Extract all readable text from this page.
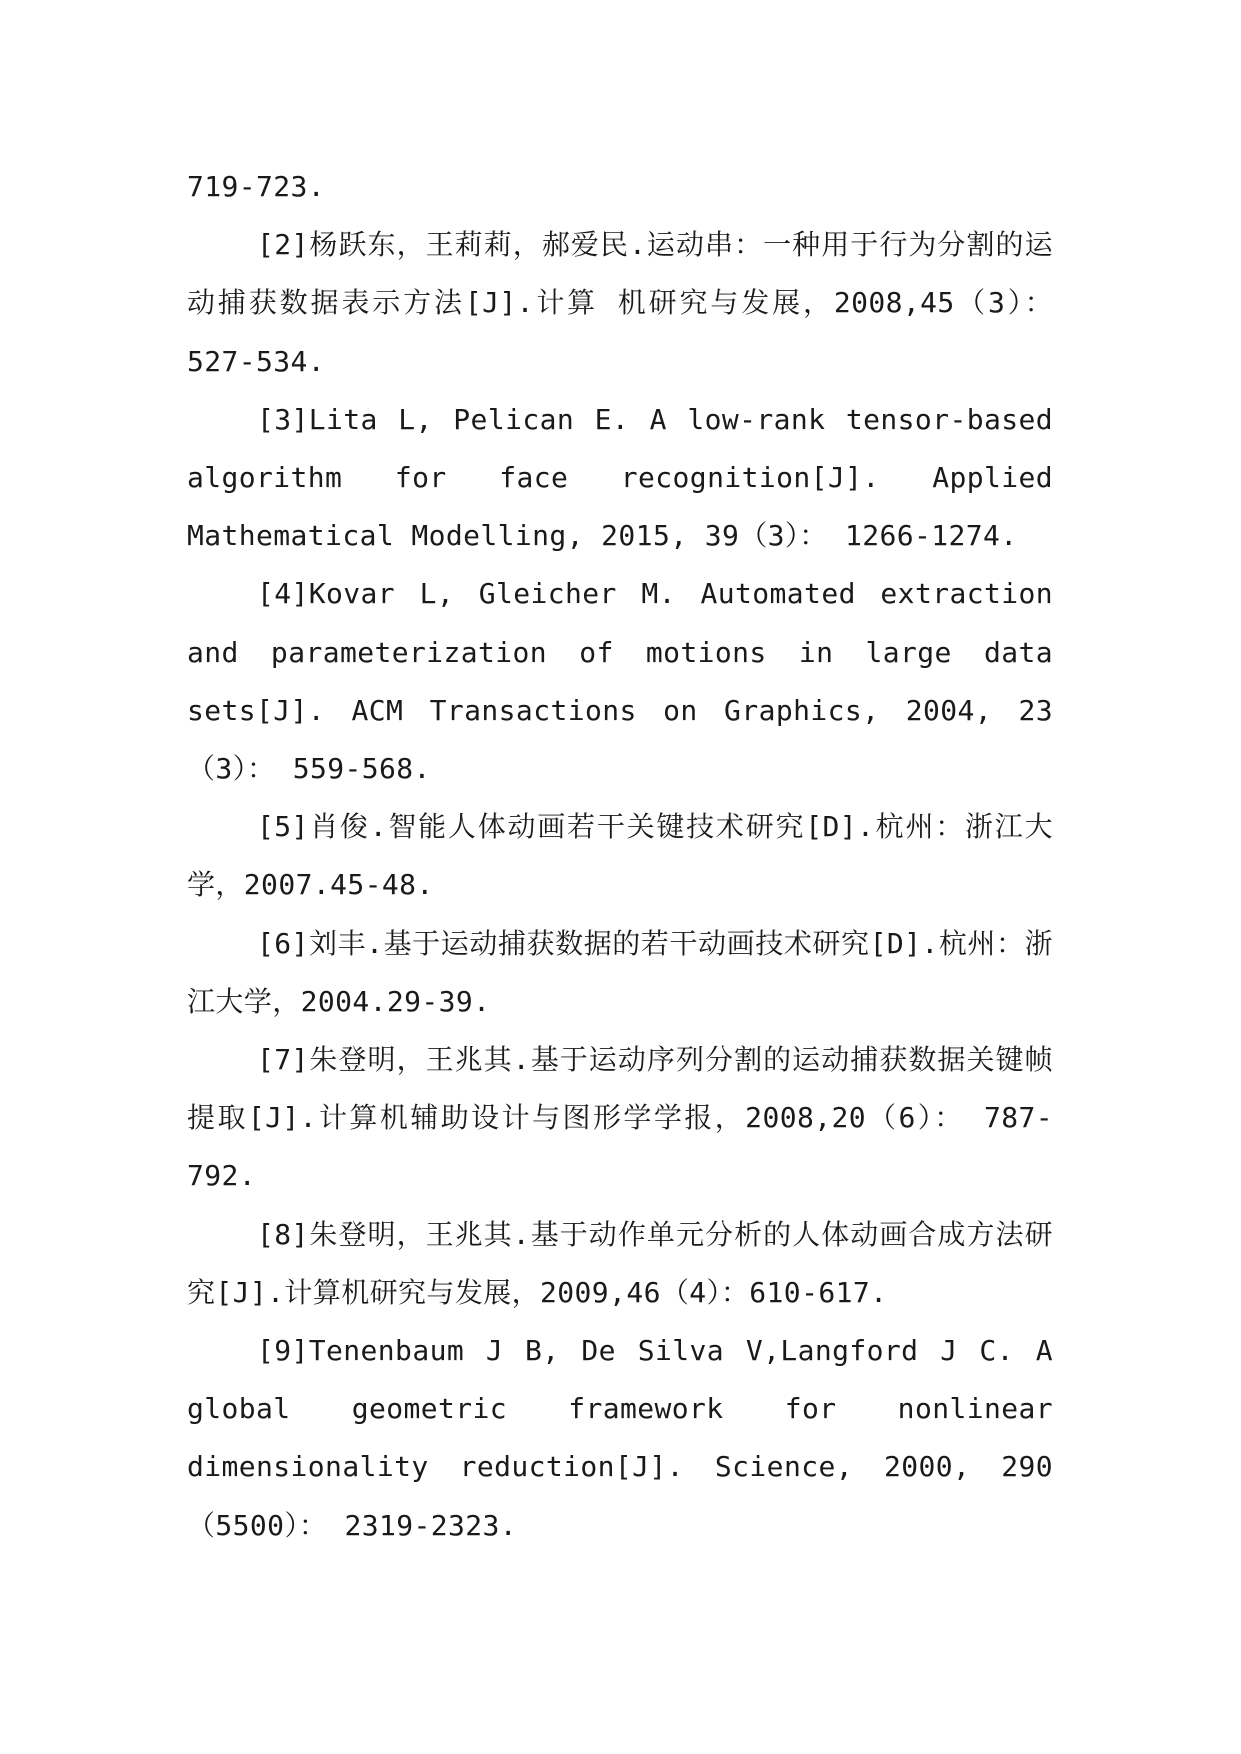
719-723.

[2]杨跃东，王莉莉，郝爱民.运动串：一种用于行为分割的运动捕获数据表示方法[J].计算 机研究与发展，2008,45（3）： 527-534.

[3]Lita L, Pelican E. A low-rank tensor-based algorithm for face recognition[J]. Applied Mathematical Modelling, 2015, 39（3）： 1266-1274.

[4]Kovar L, Gleicher M. Automated extraction and parameterization of motions in large data sets[J]. ACM Transactions on Graphics, 2004, 23（3）： 559-568.

[5]肖俊.智能人体动画若干关键技术研究[D].杭州：浙江大学，2007.45-48.

[6]刘丰.基于运动捕获数据的若干动画技术研究[D].杭州：浙江大学，2004.29-39.

[7]朱登明，王兆其.基于运动序列分割的运动捕获数据关键帧提取[J].计算机辅助设计与图形学学报，2008,20（6）： 787-792.

[8]朱登明，王兆其.基于动作单元分析的人体动画合成方法研究[J].计算机研究与发展，2009,46（4）：610-617.

[9]Tenenbaum J B, De Silva V,Langford J C. A global geometric framework for nonlinear dimensionality reduction[J]. Science, 2000, 290（5500）： 2319-2323.
